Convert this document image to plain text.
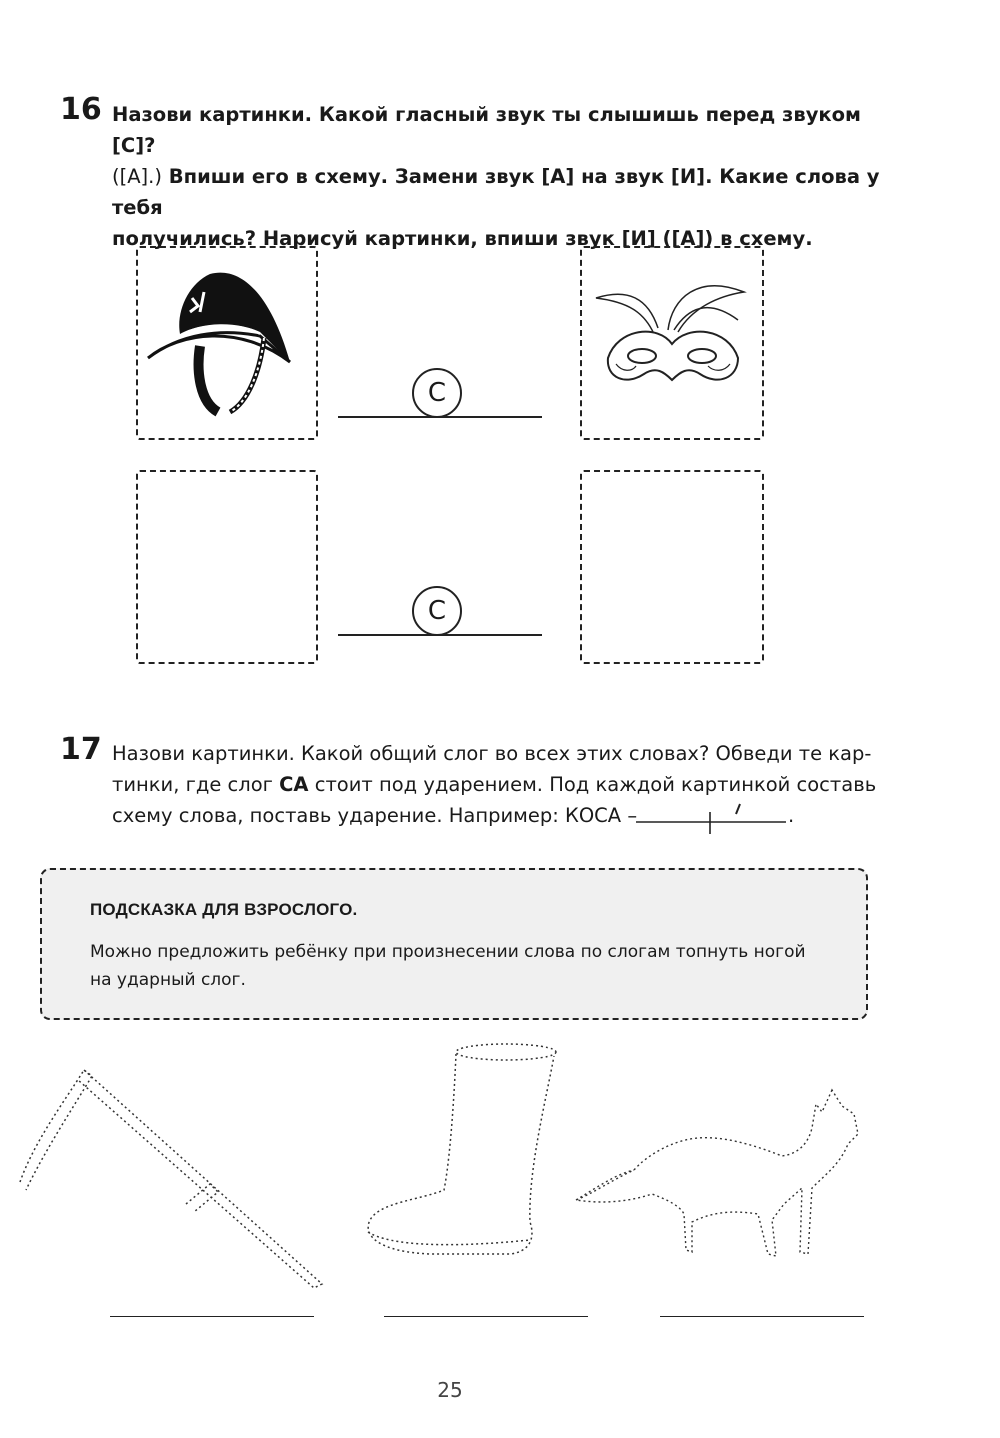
16 Назови картинки. Какой гласный звук ты слышишь перед звуком [С]?
([А].) Впиши его в схему. Замени звук [А] на звук [И]. Какие слова у тебя
получились? Нарисуй картинки, впиши звук [И] ([А]) в схему.
С
С
17 Назови картинки. Какой общий слог во всех этих словах? Обведи те кар-
тинки, где слог СА стоит под ударением. Под каждой картинкой составь
схему слова, поставь ударение. Например: КОСА –	.
ПОДСКАЗКА ДЛЯ ВЗРОСЛОГО.
Можно предложить ребёнку при произнесении слова по слогам топнуть ногой на ударный слог.
25
